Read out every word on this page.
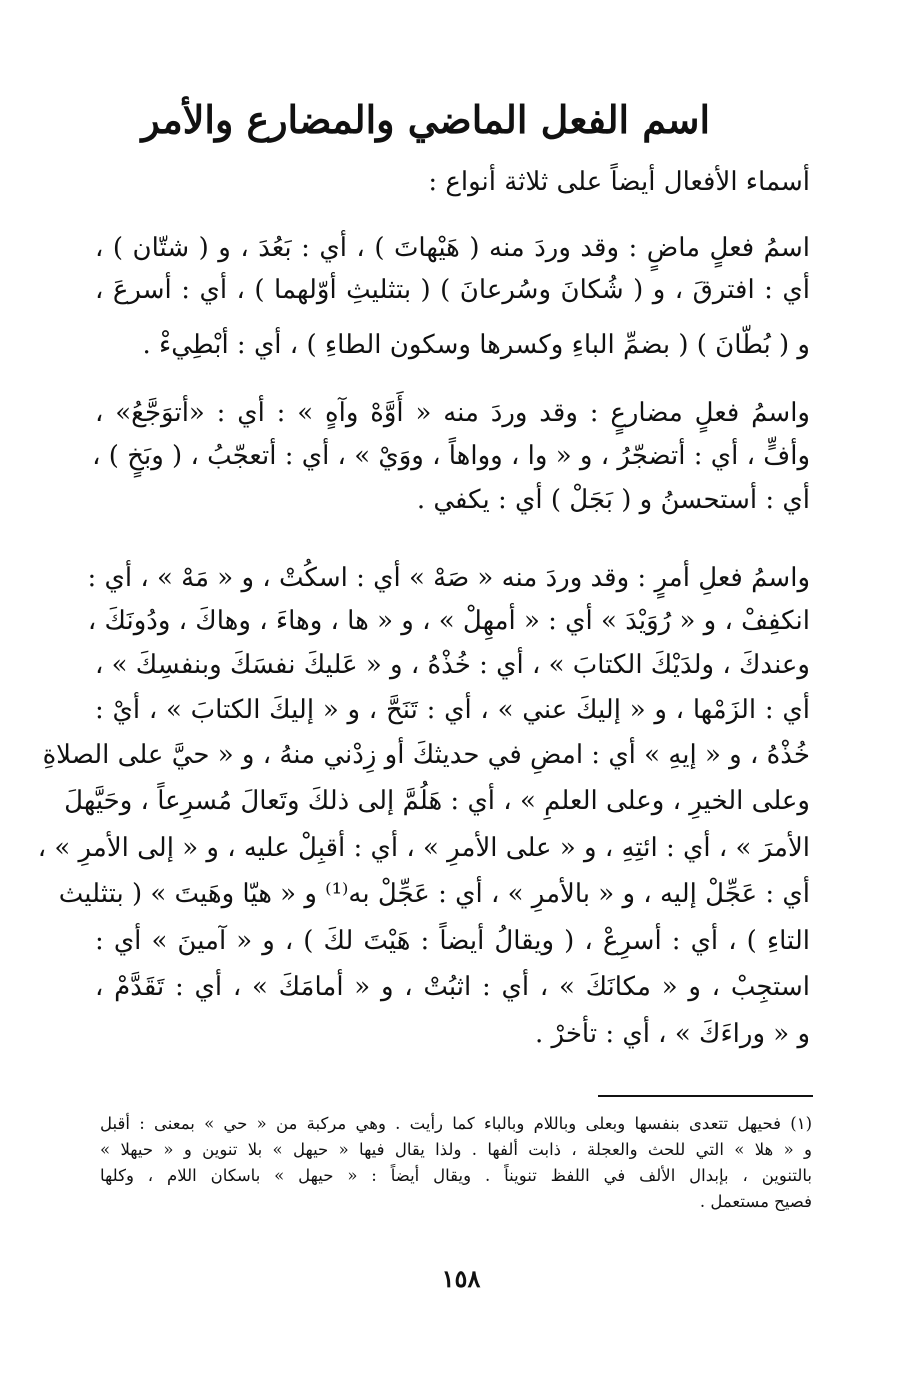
اسم الفعل الماضي والمضارع والأمر
أسماء الأفعال أيضاً على ثلاثة أنواع :
اسمُ فعلٍ ماضٍ : وقد وردَ منه ( هَيْهاتَ ) ، أي : بَعُدَ ، و ( شتّان ) ،
أي : افترقَ ، و ( شُكانَ وسُرعانَ ) ( بتثليثِ أوّلهما ) ، أي : أسرعَ ،
و ( بُطّانَ ) ( بضمِّ الباءِ وكسرها وسكون الطاءِ ) ، أي : أبْطِيءْ .
واسمُ فعلٍ مضارعٍ : وقد وردَ منه « أَوَّهْ وآهٍ » : أي : «أتوَجَّعُ» ،
وأفٍّ ، أي : أتضجّرُ ، و « وا ، وواهاً ، ووَيْ » ، أي : أتعجّبُ ، ( وبَخٍ ) ،
أي : أستحسنُ و ( بَجَلْ ) أي : يكفي .
واسمُ فعلِ أمرٍ : وقد وردَ منه « صَهْ » أي : اسكُتْ ، و « مَهْ » ، أي :
انكفِفْ ، و « رُوَيْدَ » أي : « أمهِلْ » ، و « ها ، وهاءَ ، وهاكَ ، ودُونَكَ ،
وعندكَ ، ولدَيْكَ الكتابَ » ، أي : خُذْهُ ، و « عَليكَ نفسَكَ وبنفسِكَ » ،
أي : الزَمْها ، و « إليكَ عني » ، أي : تَنَحَّ ، و « إليكَ الكتابَ » ، أيْ :
خُذْهُ ، و « إيهِ » أي : امضِ في حديثكَ أو زِدْني منهُ ، و « حيَّ على الصلاةِ
وعلى الخيرِ ، وعلى العلمِ » ، أي : هَلُمَّ إلى ذلكَ وتَعالَ مُسرِعاً ، وحَيَّهلَ
الأمرَ » ، أي : ائتِهِ ، و « على الأمرِ » ، أي : أقبِلْ عليه ، و « إلى الأمرِ » ،
أي : عَجِّلْ إليه ، و « بالأمرِ » ، أي : عَجِّلْ به⁽¹⁾ و « هيّا وهَيتَ » ( بتثليث
التاءِ ) ، أي : أسرِعْ ، ( ويقالُ أيضاً : هَيْتَ لكَ ) ، و « آمينَ » أي :
استجِبْ ، و « مكانَكَ » ، أي : اثبُتْ ، و « أمامَكَ » ، أي : تَقَدَّمْ ،
و « وراءَكَ » ، أي : تأخرْ .
(١) فحيهل تتعدى بنفسها وبعلى وباللام وبالباء كما رأيت . وهي مركبة من « حي » بمعنى : أقبل
و « هلا » التي للحث والعجلة ، ذابت ألفها . ولذا يقال فيها « حيهل » بلا تنوين و « حيهلا »
بالتنوين ، بإبدال الألف في اللفظ تنويناً . ويقال أيضاً : « حيهل » باسكان اللام ، وكلها
فصيح مستعمل .
١٥٨
